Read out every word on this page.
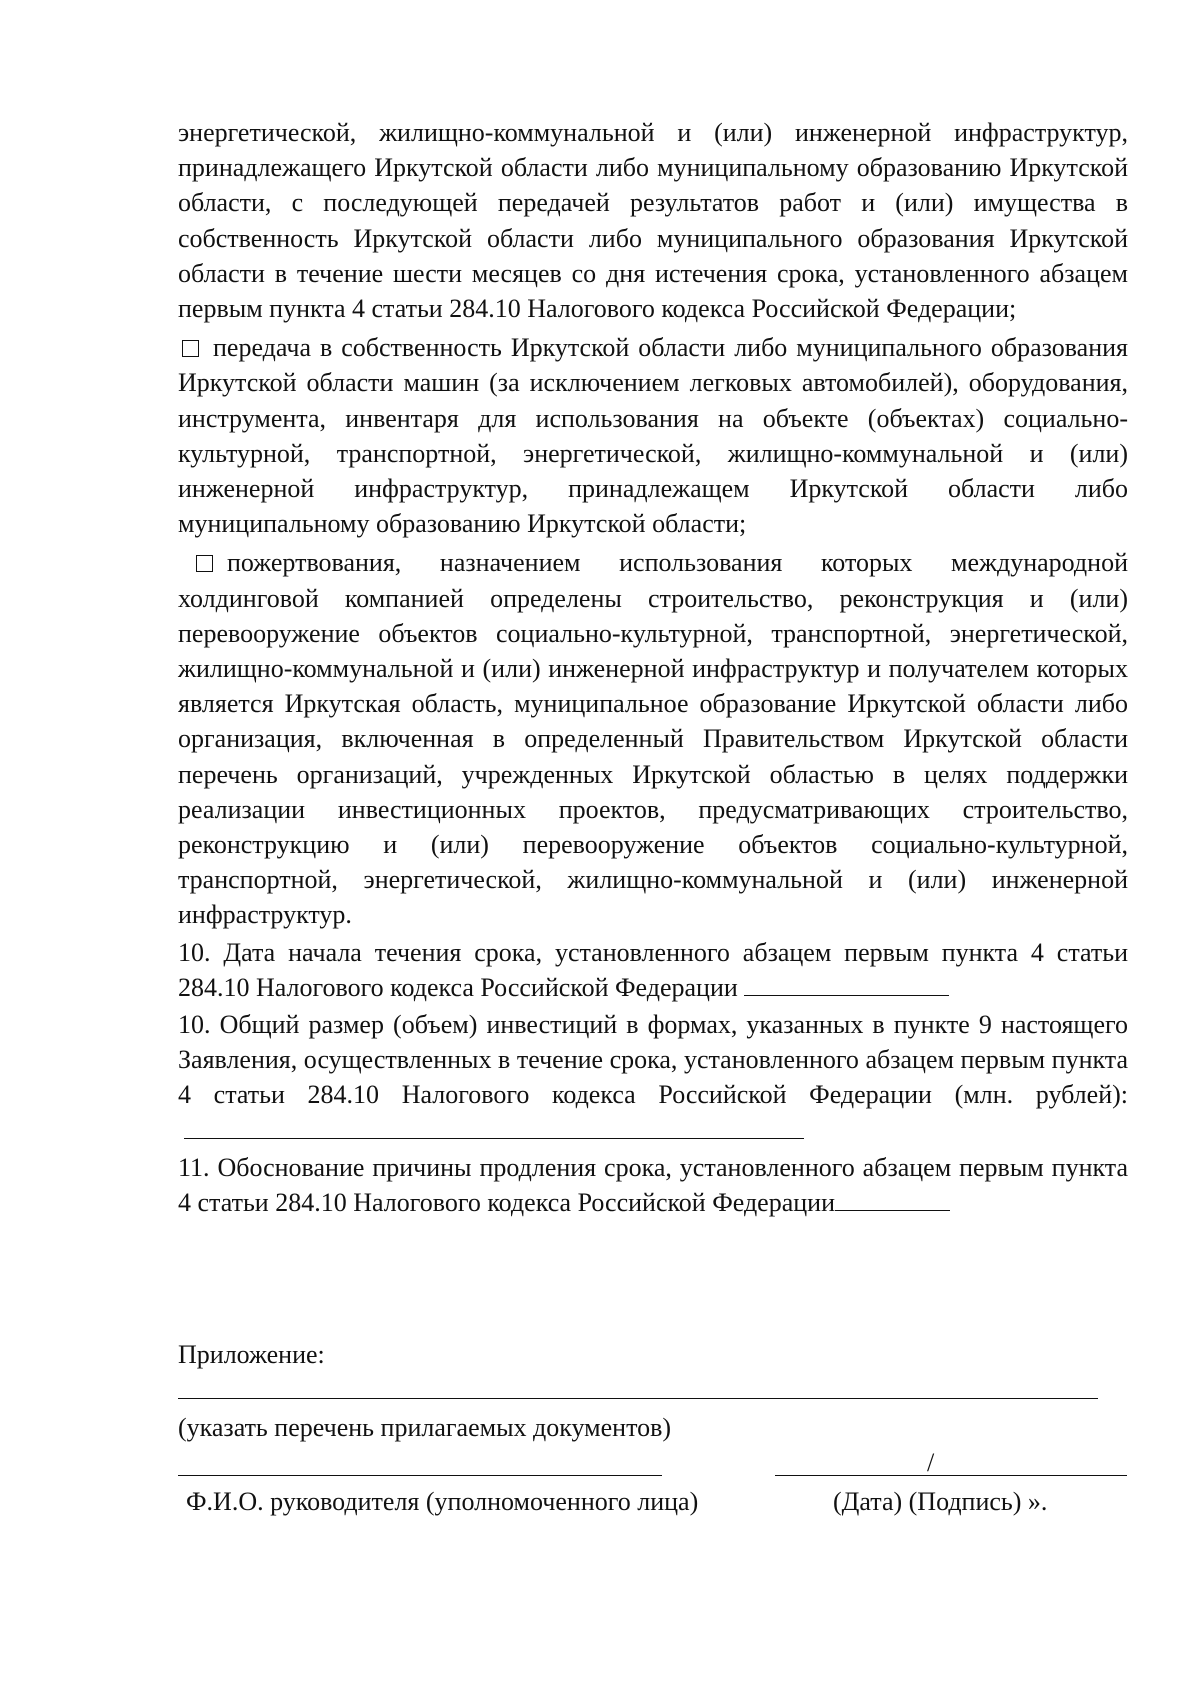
энергетической, жилищно-коммунальной и (или) инженерной инфраструктур, принадлежащего Иркутской области либо муниципальному образованию Иркутской области, с последующей передачей результатов работ и (или) имущества в собственность Иркутской области либо муниципального образования Иркутской области в течение шести месяцев со дня истечения срока, установленного абзацем первым пункта 4 статьи 284.10 Налогового кодекса Российской Федерации;

передача в собственность Иркутской области либо муниципального образования Иркутской области машин (за исключением легковых автомобилей), оборудования, инструмента, инвентаря для использования на объекте (объектах) социально-культурной, транспортной, энергетической, жилищно-коммунальной и (или) инженерной инфраструктур, принадлежащем Иркутской области либо муниципальному образованию Иркутской области;

пожертвования, назначением использования которых международной холдинговой компанией определены строительство, реконструкция и (или) перевооружение объектов социально-культурной, транспортной, энергетической, жилищно-коммунальной и (или) инженерной инфраструктур и получателем которых является Иркутская область, муниципальное образование Иркутской области либо организация, включенная в определенный Правительством Иркутской области перечень организаций, учрежденных Иркутской областью в целях поддержки реализации инвестиционных проектов, предусматривающих строительство, реконструкцию и (или) перевооружение объектов социально-культурной, транспортной, энергетической, жилищно-коммунальной и (или) инженерной инфраструктур.

10. Дата начала течения срока, установленного абзацем первым пункта 4 статьи 284.10 Налогового кодекса Российской Федерации

10. Общий размер (объем) инвестиций в формах, указанных в пункте 9 настоящего Заявления, осуществленных в течение срока, установленного абзацем первым пункта 4 статьи 284.10 Налогового кодекса Российской Федерации (млн. рублей):

11. Обоснование причины продления срока, установленного абзацем первым пункта 4 статьи 284.10 Налогового кодекса Российской Федерации

Приложение:
(указать перечень прилагаемых документов)
/
Ф.И.О. руководителя (уполномоченного лица)	(Дата) (Подпись) ».
